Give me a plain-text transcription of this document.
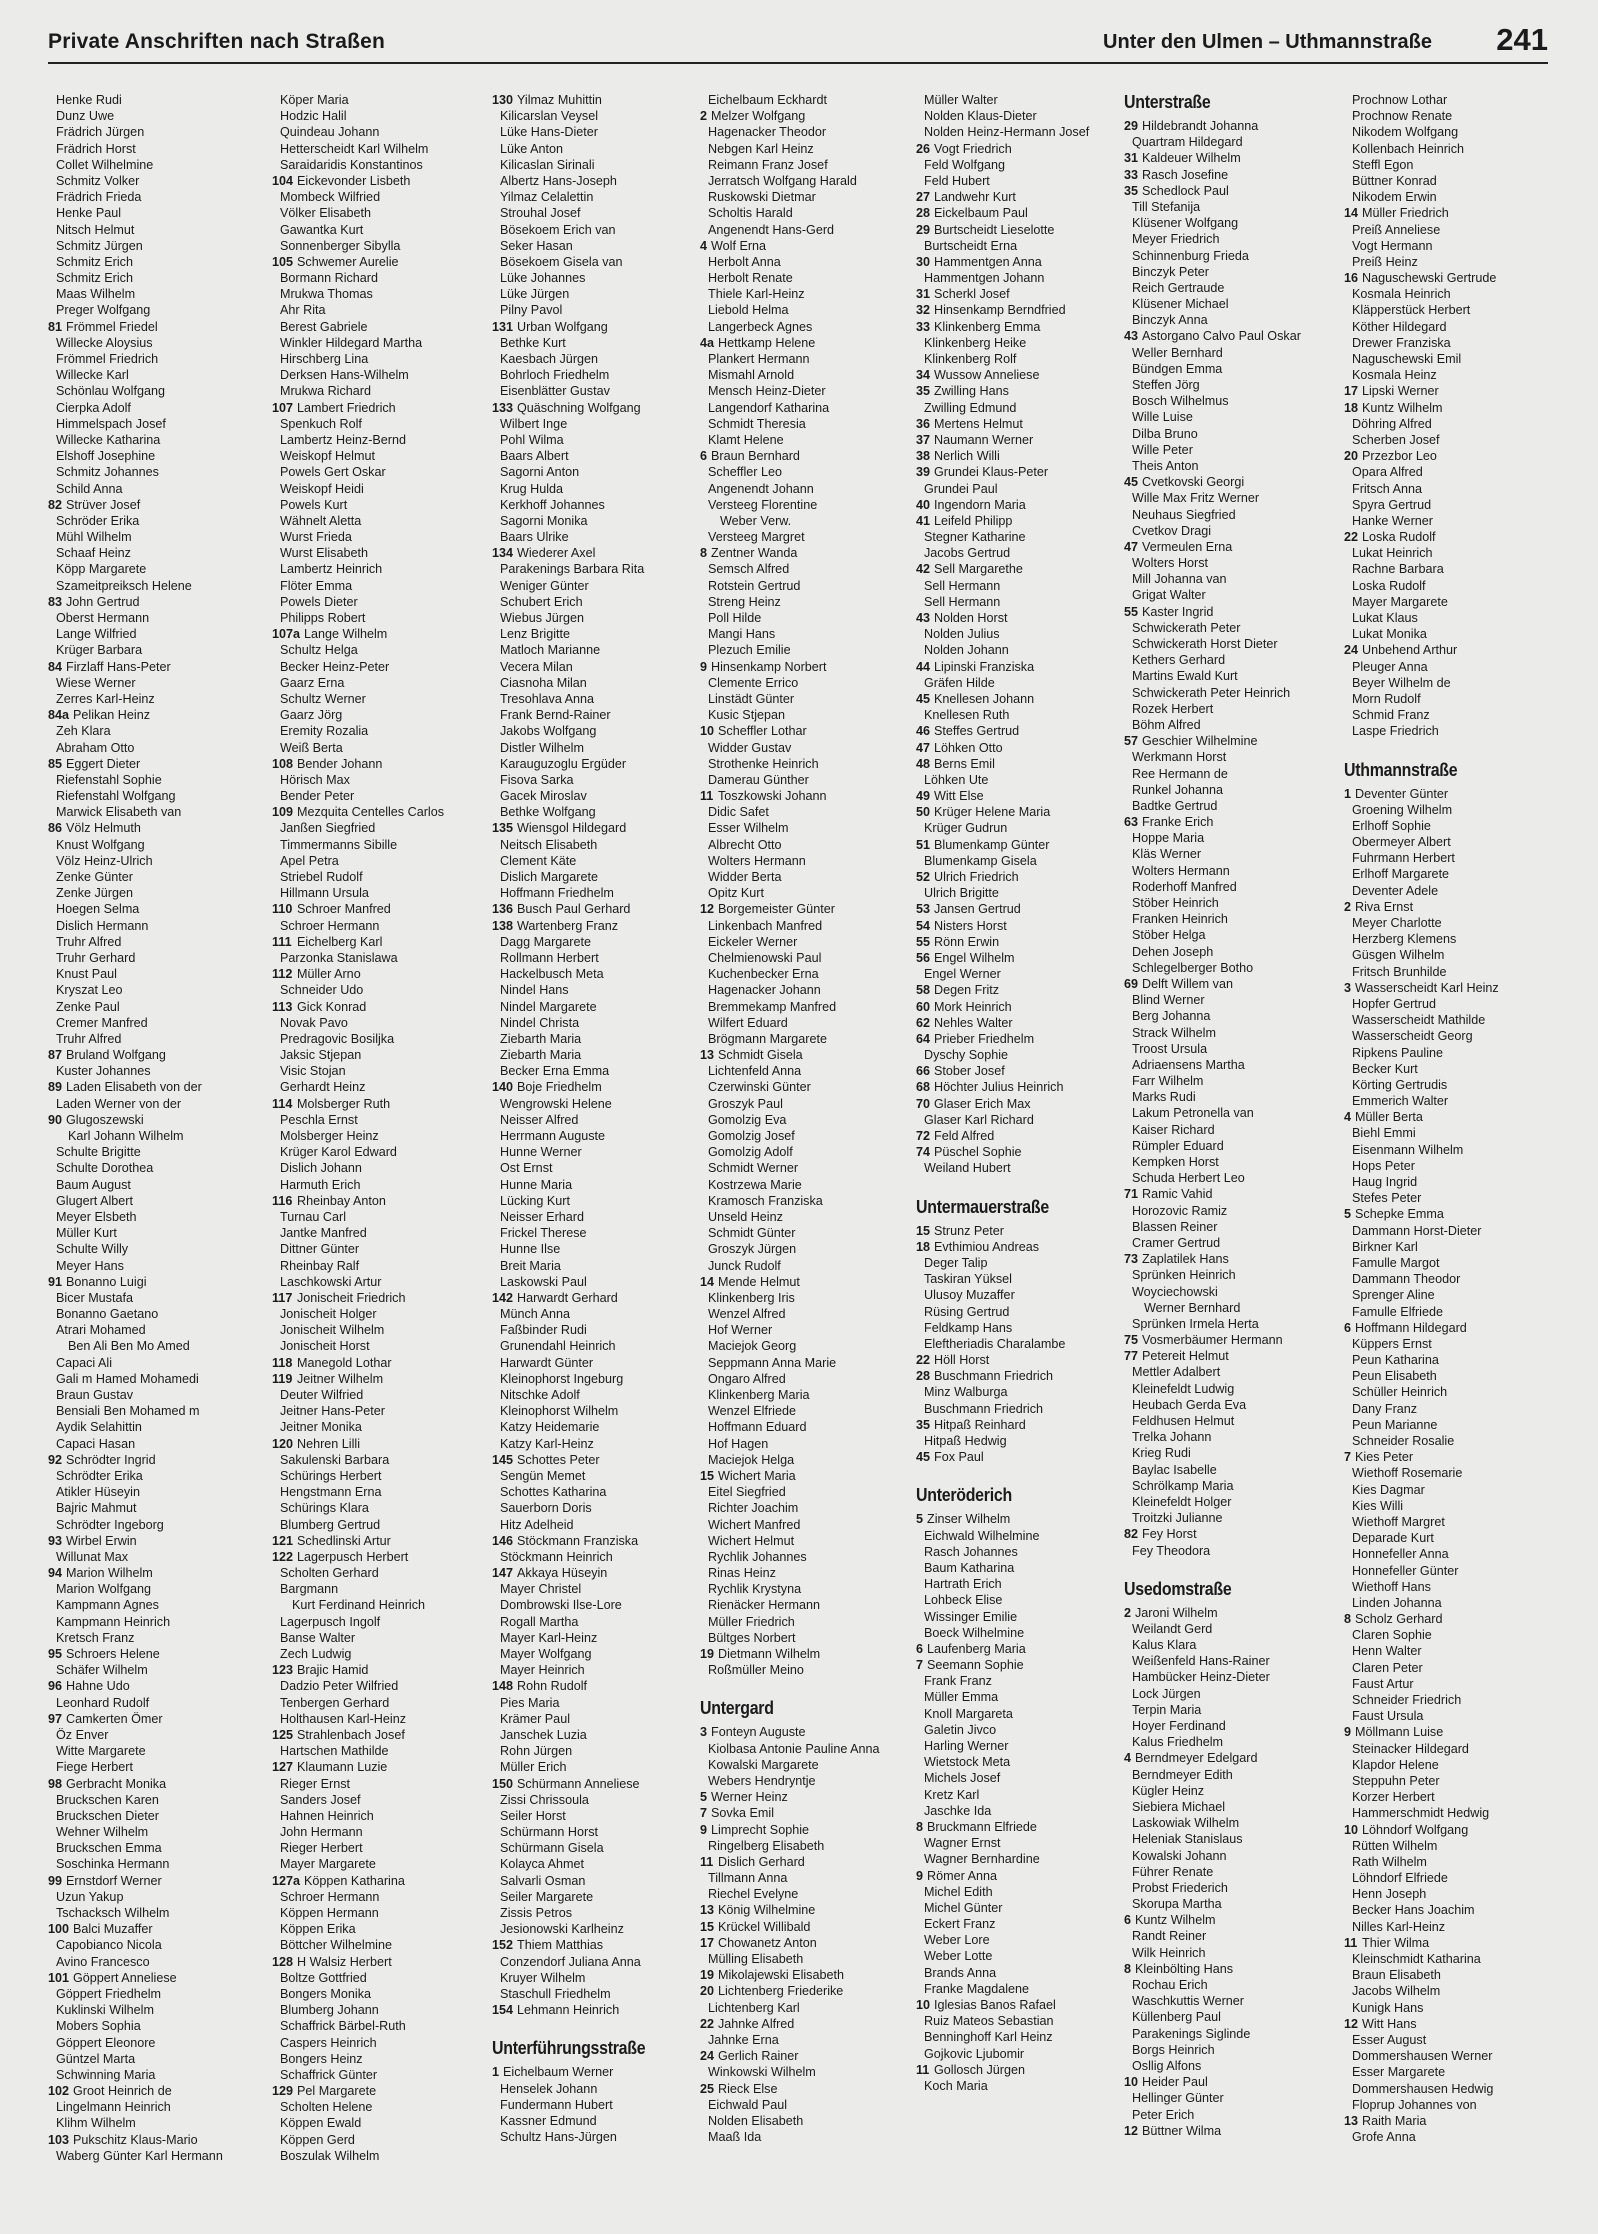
Private Anschriften nach Straßen	Unter den Ulmen – Uthmannstraße 241
Henke Rudi
Dunz Uwe
Frädrich Jürgen
Frädrich Horst
Collet Wilhelmine
Schmitz Volker
Frädrich Frieda
Henke Paul
Nitsch Helmut
Schmitz Jürgen
Schmitz Erich
Schmitz Erich
Maas Wilhelm
Preger Wolfgang
81 Frömmel Friedel
Willecke Aloysius
Frömmel Friedrich
Willecke Karl
Schönlau Wolfgang
Cierpka Adolf
Himmelspach Josef
Willecke Katharina
Elshoff Josephine
Schmitz Johannes
Schild Anna
82 Strüver Josef
Schröder Erika
Mühl Wilhelm
Schaaf Heinz
Köpp Margarete
Szameitpreiksch Helene
83 John Gertrud
Oberst Hermann
Lange Wilfried
Krüger Barbara
84 Firzlaff Hans-Peter
Wiese Werner
Zerres Karl-Heinz
84a Pelikan Heinz
Zeh Klara
Abraham Otto
85 Eggert Dieter
Riefenstahl Sophie
Riefenstahl Wolfgang
Marwick Elisabeth van
86 Völz Helmuth
Knust Wolfgang
Völz Heinz-Ulrich
Zenke Günter
Zenke Jürgen
Hoegen Selma
Dislich Hermann
Truhr Alfred
Truhr Gerhard
Knust Paul
Kryszat Leo
Zenke Paul
Cremer Manfred
Truhr Alfred
87 Bruland Wolfgang
Kuster Johannes
89 Laden Elisabeth von der
Laden Werner von der
90 Glugoszewski
Karl Johann Wilhelm
Schulte Brigitte
Schulte Dorothea
Baum August
Glugert Albert
Meyer Elsbeth
Müller Kurt
Schulte Willy
Meyer Hans
91 Bonanno Luigi
Bicer Mustafa
Bonanno Gaetano
Atrari Mohamed
Ben Ali Ben Mo Amed
Capaci Ali
Gali m Hamed Mohamedi
Braun Gustav
Bensiali Ben Mohamed m
Aydik Selahittin
Capaci Hasan
92 Schrödter Ingrid
Schrödter Erika
Atikler Hüseyin
Bajric Mahmut
Schrödter Ingeborg
93 Wirbel Erwin
Willunat Max
94 Marion Wilhelm
Marion Wolfgang
Kampmann Agnes
Kampmann Heinrich
Kretsch Franz
95 Schroers Helene
Schäfer Wilhelm
96 Hahne Udo
Leonhard Rudolf
97 Camkerten Ömer
Öz Enver
Witte Margarete
Fiege Herbert
98 Gerbracht Monika
Bruckschen Karen
Bruckschen Dieter
Wehner Wilhelm
Bruckschen Emma
Soschinka Hermann
99 Ernstdorf Werner
Uzun Yakup
Tschacksch Wilhelm
100 Balci Muzaffer
Capobianco Nicola
Avino Francesco
101 Göppert Anneliese
Göppert Friedhelm
Kuklinski Wilhelm
Mobers Sophia
Göppert Eleonore
Güntzel Marta
Schwinning Maria
102 Groot Heinrich de
Lingelmann Heinrich
Klihm Wilhelm
103 Pukschitz Klaus-Mario
Waberg Günter Karl Hermann
Köper Maria
Hodzic Halil
Quindeau Johann
Hetterscheidt Karl Wilhelm
Saraidaridis Konstantinos
104 Eickevonder Lisbeth
Mombeck Wilfried
Völker Elisabeth
Gawantka Kurt
Sonnenberger Sibylla
105 Schwemer Aurelie
Bormann Richard
Mrukwa Thomas
Ahr Rita
Berest Gabriele
Winkler Hildegard Martha
Hirschberg Lina
Derksen Hans-Wilhelm
Mrukwa Richard
107 Lambert Friedrich
Spenkuch Rolf
Lambertz Heinz-Bernd
Weiskopf Helmut
Powels Gert Oskar
Weiskopf Heidi
Powels Kurt
Wähnelt Aletta
Wurst Frieda
Wurst Elisabeth
Lambertz Heinrich
Flöter Emma
Powels Dieter
Philipps Robert
107a Lange Wilhelm
Schultz Helga
Becker Heinz-Peter
Gaarz Erna
Schultz Werner
Gaarz Jörg
Eremity Rozalia
Weiß Berta
108 Bender Johann
Hörisch Max
Bender Peter
109 Mezquita Centelles Carlos
Janßen Siegfried
Timmermanns Sibille
Apel Petra
Striebel Rudolf
Hillmann Ursula
110 Schroer Manfred
Schroer Hermann
111 Eichelberg Karl
Parzonka Stanislawa
112 Müller Arno
Schneider Udo
113 Gick Konrad
Novak Pavo
Predragovic Bosiljka
Jaksic Stjepan
Visic Stojan
Gerhardt Heinz
114 Molsberger Ruth
Peschla Ernst
Molsberger Heinz
Krüger Karol Edward
Dislich Johann
Harmuth Erich
116 Rheinbay Anton
Turnau Carl
Jantke Manfred
Dittner Günter
Rheinbay Ralf
Laschkowski Artur
117 Jonischeit Friedrich
Jonischeit Holger
Jonischeit Wilhelm
Jonischeit Horst
118 Manegold Lothar
119 Jeitner Wilhelm
Deuter Wilfried
Jeitner Hans-Peter
Jeitner Monika
120 Nehren Lilli
Sakulenski Barbara
Schürings Herbert
Hengstmann Erna
Schürings Klara
Blumberg Gertrud
121 Schedlinski Artur
122 Lagerpusch Herbert
Scholten Gerhard
Bargmann
Kurt Ferdinand Heinrich
Lagerpusch Ingolf
Banse Walter
Zech Ludwig
123 Brajic Hamid
Dadzio Peter Wilfried
Tenbergen Gerhard
Holthausen Karl-Heinz
125 Strahlenbach Josef
Hartschen Mathilde
127 Klaumann Luzie
Rieger Ernst
Sanders Josef
Hahnen Heinrich
John Hermann
Rieger Herbert
Mayer Margarete
127a Köppen Katharina
Schroer Hermann
Köppen Hermann
Köppen Erika
Böttcher Wilhelmine
128 H Walsiz Herbert
Boltze Gottfried
Bongers Monika
Blumberg Johann
Schaffrick Bärbel-Ruth
Caspers Heinrich
Bongers Heinz
Schaffrick Günter
129 Pel Margarete
Scholten Helene
Köppen Ewald
Köppen Gerd
Boszulak Wilhelm
130 Yilmaz Muhittin
Kilicarslan Veysel
Lüke Hans-Dieter
Lüke Anton
Kilicaslan Sirinali
Albertz Hans-Joseph
Yilmaz Celalettin
Strouhal Josef
Bösekoem Erich van
Seker Hasan
Bösekoem Gisela van
Lüke Johannes
Lüke Jürgen
Pilny Pavol
131 Urban Wolfgang
Bethke Kurt
Kaesbach Jürgen
Bohrloch Friedhelm
Eisenblätter Gustav
133 Quäschning Wolfgang
Wilbert Inge
Pohl Wilma
Baars Albert
Sagorni Anton
Krug Hulda
Kerkhoff Johannes
Sagorni Monika
Baars Ulrike
134 Wiederer Axel
Parakenings Barbara Rita
Weniger Günter
Schubert Erich
Wiebus Jürgen
Lenz Brigitte
Matloch Marianne
Vecera Milan
Ciasnoha Milan
Tresohlava Anna
Frank Bernd-Rainer
Jakobs Wolfgang
Distler Wilhelm
Karauguzoglu Ergüder
Fisova Sarka
Gacek Miroslav
Bethke Wolfgang
135 Wiensgol Hildegard
Neitsch Elisabeth
Clement Käte
Dislich Margarete
Hoffmann Friedhelm
136 Busch Paul Gerhard
138 Wartenberg Franz
Dagg Margarete
Rollmann Herbert
Hackelbusch Meta
Nindel Hans
Nindel Margarete
Nindel Christa
Ziebarth Maria
Ziebarth Maria
Becker Erna Emma
140 Boje Friedhelm
Wengrowski Helene
Neisser Alfred
Herrmann Auguste
Hunne Werner
Ost Ernst
Hunne Maria
Lücking Kurt
Neisser Erhard
Frickel Therese
Hunne Ilse
Breit Maria
Laskowski Paul
142 Harwardt Gerhard
Münch Anna
Faßbinder Rudi
Grunendahl Heinrich
Harwardt Günter
Kleinophorst Ingeburg
Nitschke Adolf
Kleinophorst Wilhelm
Katzy Heidemarie
Katzy Karl-Heinz
145 Schottes Peter
Sengün Memet
Schottes Katharina
Sauerborn Doris
Hitz Adelheid
146 Stöckmann Franziska
Stöckmann Heinrich
147 Akkaya Hüseyin
Mayer Christel
Dombrowski Ilse-Lore
Rogall Martha
Mayer Karl-Heinz
Mayer Wolfgang
Mayer Heinrich
148 Rohn Rudolf
Pies Maria
Krämer Paul
Janschek Luzia
Rohn Jürgen
Müller Erich
150 Schürmann Anneliese
Zissi Chrissoula
Seiler Horst
Schürmann Horst
Schürmann Gisela
Kolayca Ahmet
Salvarli Osman
Seiler Margarete
Zissis Petros
Jesionowski Karlheinz
152 Thiem Matthias
Conzendorf Juliana Anna
Kruyer Wilhelm
Staschull Friedhelm
154 Lehmann Heinrich
Unterführungsstraße
1 Eichelbaum Werner
Henselek Johann
Fundermann Hubert
Kassner Edmund
Schultz Hans-Jürgen
Eichelbaum Eckhardt
2 Melzer Wolfgang
Hagenacker Theodor
Nebgen Karl Heinz
Reimann Franz Josef
Jerratsch Wolfgang Harald
Ruskowski Dietmar
Scholtis Harald
Angenendt Hans-Gerd
4 Wolf Erna
Herbolt Anna
Herbolt Renate
Thiele Karl-Heinz
Liebold Helma
Langerbeck Agnes
4a Hettkamp Helene
Plankert Hermann
Mismahl Arnold
Mensch Heinz-Dieter
Langendorf Katharina
Schmidt Theresia
Klamt Helene
6 Braun Bernhard
Scheffler Leo
Angenendt Johann
Versteeg Florentine
Weber Verw.
Versteeg Margret
8 Zentner Wanda
Semsch Alfred
Rotstein Gertrud
Streng Heinz
Poll Hilde
Mangi Hans
Plezuch Emilie
9 Hinsenkamp Norbert
Clemente Errico
Linstädt Günter
Kusic Stjepan
10 Scheffler Lothar
Widder Gustav
Strothenke Heinrich
Damerau Günther
11 Toszkowski Johann
Didic Safet
Esser Wilhelm
Albrecht Otto
Wolters Hermann
Widder Berta
Opitz Kurt
12 Borgemeister Günter
Linkenbach Manfred
Eickeler Werner
Chelmienowski Paul
Kuchenbecker Erna
Hagenacker Johann
Bremmekamp Manfred
Wilfert Eduard
Brögmann Margarete
13 Schmidt Gisela
Lichtenfeld Anna
Czerwinski Günter
Groszyk Paul
Gomolzig Eva
Gomolzig Josef
Gomolzig Adolf
Schmidt Werner
Kostrzewa Marie
Kramosch Franziska
Unseld Heinz
Schmidt Günter
Groszyk Jürgen
Junck Rudolf
14 Mende Helmut
Klinkenberg Iris
Wenzel Alfred
Hof Werner
Maciejok Georg
Seppmann Anna Marie
Ongaro Alfred
Klinkenberg Maria
Wenzel Elfriede
Hoffmann Eduard
Hof Hagen
Maciejok Helga
15 Wichert Maria
Eitel Siegfried
Richter Joachim
Wichert Manfred
Wichert Helmut
Rychlik Johannes
Rinas Heinz
Rychlik Krystyna
Rienäcker Hermann
Müller Friedrich
Bültges Norbert
19 Dietmann Wilhelm
Roßmüller Meino
Untergard
3 Fonteyn Auguste
Kiolbasa Antonie Pauline Anna
Kowalski Margarete
Webers Hendryntje
5 Werner Heinz
7 Sovka Emil
9 Limprecht Sophie
Ringelberg Elisabeth
11 Dislich Gerhard
Tillmann Anna
Riechel Evelyne
13 König Wilhelmine
15 Krückel Willibald
17 Chowanetz Anton
Mülling Elisabeth
19 Mikolajewski Elisabeth
20 Lichtenberg Friederike
Lichtenberg Karl
22 Jahnke Alfred
Jahnke Erna
24 Gerlich Rainer
Winkowski Wilhelm
25 Rieck Else
Eichwald Paul
Nolden Elisabeth
Maaß Ida
Müller Walter
Nolden Klaus-Dieter
Nolden Heinz-Hermann Josef
26 Vogt Friedrich
Feld Wolfgang
Feld Hubert
27 Landwehr Kurt
28 Eickelbaum Paul
29 Burtscheidt Lieselotte
Burtscheidt Erna
30 Hammentgen Anna
Hammentgen Johann
31 Scherkl Josef
32 Hinsenkamp Berndfried
33 Klinkenberg Emma
Klinkenberg Heike
Klinkenberg Rolf
34 Wussow Anneliese
35 Zwilling Hans
Zwilling Edmund
36 Mertens Helmut
37 Naumann Werner
38 Nerlich Willi
39 Grundei Klaus-Peter
Grundei Paul
40 Ingendorn Maria
41 Leifeld Philipp
Stegner Katharine
Jacobs Gertrud
42 Sell Margarethe
Sell Hermann
Sell Hermann
43 Nolden Horst
Nolden Julius
Nolden Johann
44 Lipinski Franziska
Gräfen Hilde
45 Knellesen Johann
Knellesen Ruth
46 Steffes Gertrud
47 Löhken Otto
48 Berns Emil
Löhken Ute
49 Witt Else
50 Krüger Helene Maria
Krüger Gudrun
51 Blumenkamp Günter
Blumenkamp Gisela
52 Ulrich Friedrich
Ulrich Brigitte
53 Jansen Gertrud
54 Nisters Horst
55 Rönn Erwin
56 Engel Wilhelm
Engel Werner
58 Degen Fritz
60 Mork Heinrich
62 Nehles Walter
64 Prieber Friedhelm
Dyschy Sophie
66 Stober Josef
68 Höchter Julius Heinrich
70 Glaser Erich Max
Glaser Karl Richard
72 Feld Alfred
74 Püschel Sophie
Weiland Hubert
Untermauerstraße
15 Strunz Peter
18 Evthimiou Andreas
Deger Talip
Taskiran Yüksel
Ulusoy Muzaffer
Rüsing Gertrud
Feldkamp Hans
Eleftheriadis Charalambe
22 Höll Horst
28 Buschmann Friedrich
Minz Walburga
Buschmann Friedrich
35 Hitpaß Reinhard
Hitpaß Hedwig
45 Fox Paul
Unteröderich
5 Zinser Wilhelm
Eichwald Wilhelmine
Rasch Johannes
Baum Katharina
Hartrath Erich
Lohbeck Elise
Wissinger Emilie
Boeck Wilhelmine
6 Laufenberg Maria
7 Seemann Sophie
Frank Franz
Müller Emma
Knoll Margareta
Galetin Jivco
Harling Werner
Wietstock Meta
Michels Josef
Kretz Karl
Jaschke Ida
8 Bruckmann Elfriede
Wagner Ernst
Wagner Bernhardine
9 Römer Anna
Michel Edith
Michel Günter
Eckert Franz
Weber Lore
Weber Lotte
Brands Anna
Franke Magdalene
10 Iglesias Banos Rafael
Ruiz Mateos Sebastian
Benninghoff Karl Heinz
Gojkovic Ljubomir
11 Gollosch Jürgen
Koch Maria
Unterstraße
29 Hildebrandt Johanna
Quartram Hildegard
31 Kaldeuer Wilhelm
33 Rasch Josefine
35 Schedlock Paul
Till Stefanija
Klüsener Wolfgang
Meyer Friedrich
Schinnenburg Frieda
Binczyk Peter
Reich Gertraude
Klüsener Michael
Binczyk Anna
43 Astorgano Calvo Paul Oskar
Weller Bernhard
Bündgen Emma
Steffen Jörg
Bosch Wilhelmus
Wille Luise
Dilba Bruno
Wille Peter
Theis Anton
45 Cvetkovski Georgi
Wille Max Fritz Werner
Neuhaus Siegfried
Cvetkov Dragi
47 Vermeulen Erna
Wolters Horst
Mill Johanna van
Grigat Walter
55 Kaster Ingrid
Schwickerath Peter
Schwickerath Horst Dieter
Kethers Gerhard
Martins Ewald Kurt
Schwickerath Peter Heinrich
Rozek Herbert
Böhm Alfred
57 Geschier Wilhelmine
Werkmann Horst
Ree Hermann de
Runkel Johanna
Badtke Gertrud
63 Franke Erich
Hoppe Maria
Kläs Werner
Wolters Hermann
Roderhoff Manfred
Stöber Heinrich
Franken Heinrich
Stöber Helga
Dehen Joseph
Schlegelberger Botho
69 Delft Willem van
Blind Werner
Berg Johanna
Strack Wilhelm
Troost Ursula
Adriaensens Martha
Farr Wilhelm
Marks Rudi
Lakum Petronella van
Kaiser Richard
Rümpler Eduard
Kempken Horst
Schuda Herbert Leo
71 Ramic Vahid
Horozovic Ramiz
Blassen Reiner
Cramer Gertrud
73 Zaplatilek Hans
Sprünken Heinrich
Woyciechowski
Werner Bernhard
Sprünken Irmela Herta
75 Vosmerbäumer Hermann
77 Petereit Helmut
Mettler Adalbert
Kleinefeldt Ludwig
Heubach Gerda Eva
Feldhusen Helmut
Trelka Johann
Krieg Rudi
Baylac Isabelle
Schrölkamp Maria
Kleinefeldt Holger
Troitzki Julianne
82 Fey Horst
Fey Theodora
Usedomstraße
2 Jaroni Wilhelm
Weilandt Gerd
Kalus Klara
Weißenfeld Hans-Rainer
Hambücker Heinz-Dieter
Lock Jürgen
Terpin Maria
Hoyer Ferdinand
Kalus Friedhelm
4 Berndmeyer Edelgard
Berndmeyer Edith
Kügler Heinz
Siebiera Michael
Laskowiak Wilhelm
Heleniak Stanislaus
Kowalski Johann
Führer Renate
Probst Friederich
Skorupa Martha
6 Kuntz Wilhelm
Randt Reiner
Wilk Heinrich
8 Kleinbölting Hans
Rochau Erich
Waschkuttis Werner
Küllenberg Paul
Parakenings Siglinde
Borgs Heinrich
Osllig Alfons
10 Heider Paul
Hellinger Günter
Peter Erich
12 Büttner Wilma
Prochnow Lothar
Prochnow Renate
Nikodem Wolfgang
Kollenbach Heinrich
Steffl Egon
Büttner Konrad
Nikodem Erwin
14 Müller Friedrich
Preiß Anneliese
Vogt Hermann
Preiß Heinz
16 Naguschewski Gertrude
Kosmala Heinrich
Kläpperstück Herbert
Köther Hildegard
Drewer Franziska
Naguschewski Emil
Kosmala Heinz
17 Lipski Werner
18 Kuntz Wilhelm
Döhring Alfred
Scherben Josef
20 Przezbor Leo
Opara Alfred
Fritsch Anna
Spyra Gertrud
Hanke Werner
22 Loska Rudolf
Lukat Heinrich
Rachne Barbara
Loska Rudolf
Mayer Margarete
Lukat Klaus
Lukat Monika
24 Unbehend Arthur
Pleuger Anna
Beyer Wilhelm de
Morn Rudolf
Schmid Franz
Laspe Friedrich
Uthmannstraße
1 Deventer Günter
Groening Wilhelm
Erlhoff Sophie
Obermeyer Albert
Fuhrmann Herbert
Erlhoff Margarete
Deventer Adele
2 Riva Ernst
Meyer Charlotte
Herzberg Klemens
Güsgen Wilhelm
Fritsch Brunhilde
3 Wasserscheidt Karl Heinz
Hopfer Gertrud
Wasserscheidt Mathilde
Wasserscheidt Georg
Ripkens Pauline
Becker Kurt
Körting Gertrudis
Emmerich Walter
4 Müller Berta
Biehl Emmi
Eisenmann Wilhelm
Hops Peter
Haug Ingrid
Stefes Peter
5 Schepke Emma
Dammann Horst-Dieter
Birkner Karl
Famulle Margot
Dammann Theodor
Sprenger Aline
Famulle Elfriede
6 Hoffmann Hildegard
Küppers Ernst
Peun Katharina
Peun Elisabeth
Schüller Heinrich
Dany Franz
Peun Marianne
Schneider Rosalie
7 Kies Peter
Wiethoff Rosemarie
Kies Dagmar
Kies Willi
Wiethoff Margret
Deparade Kurt
Honnefeller Anna
Honnefeller Günter
Wiethoff Hans
Linden Johanna
8 Scholz Gerhard
Claren Sophie
Henn Walter
Claren Peter
Faust Artur
Schneider Friedrich
Faust Ursula
9 Möllmann Luise
Steinacker Hildegard
Klapdor Helene
Steppuhn Peter
Korzer Herbert
Hammerschmidt Hedwig
10 Löhndorf Wolfgang
Rütten Wilhelm
Rath Wilhelm
Löhndorf Elfriede
Henn Joseph
Becker Hans Joachim
Nilles Karl-Heinz
11 Thier Wilma
Kleinschmidt Katharina
Braun Elisabeth
Jacobs Wilhelm
Kunigk Hans
12 Witt Hans
Esser August
Dommershausen Werner
Esser Margarete
Dommershausen Hedwig
Floprup Johannes von
13 Raith Maria
Grofe Anna
